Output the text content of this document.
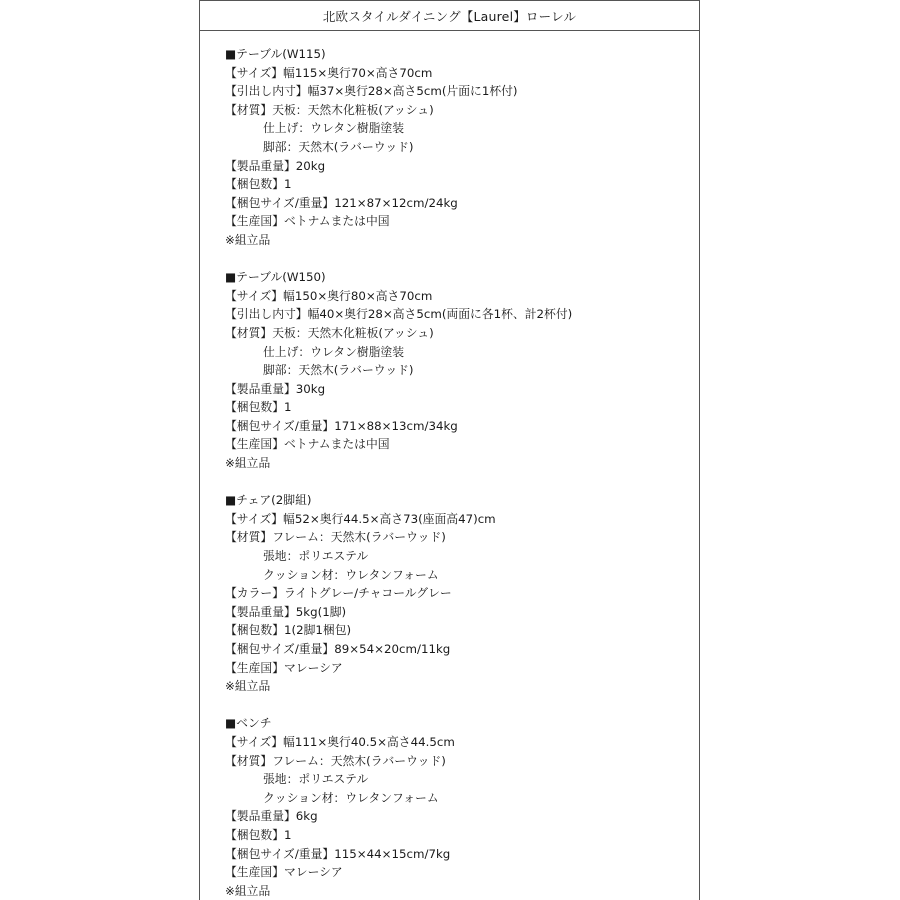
北欧スタイルダイニング【Laurel】ローレル
■テーブル(W115)
【サイズ】幅115×奥行70×高さ70cm
【引出し内寸】幅37×奥行28×高さ5cm(片面に1杯付)
【材質】天板：天然木化粧板(アッシュ)
仕上げ：ウレタン樹脂塗装
脚部：天然木(ラバーウッド)
【製品重量】20kg
【梱包数】1
【梱包サイズ/重量】121×87×12cm/24kg
【生産国】ベトナムまたは中国
※組立品
■テーブル(W150)
【サイズ】幅150×奥行80×高さ70cm
【引出し内寸】幅40×奥行28×高さ5cm(両面に各1杯、計2杯付)
【材質】天板：天然木化粧板(アッシュ)
仕上げ：ウレタン樹脂塗装
脚部：天然木(ラバーウッド)
【製品重量】30kg
【梱包数】1
【梱包サイズ/重量】171×88×13cm/34kg
【生産国】ベトナムまたは中国
※組立品
■チェア(2脚組)
【サイズ】幅52×奥行44.5×高さ73(座面高47)cm
【材質】フレーム：天然木(ラバーウッド)
張地：ポリエステル
クッション材：ウレタンフォーム
【カラー】ライトグレー/チャコールグレー
【製品重量】5kg(1脚)
【梱包数】1(2脚1梱包)
【梱包サイズ/重量】89×54×20cm/11kg
【生産国】マレーシア
※組立品
■ベンチ
【サイズ】幅111×奥行40.5×高さ44.5cm
【材質】フレーム：天然木(ラバーウッド)
張地：ポリエステル
クッション材：ウレタンフォーム
【製品重量】6kg
【梱包数】1
【梱包サイズ/重量】115×44×15cm/7kg
【生産国】マレーシア
※組立品
